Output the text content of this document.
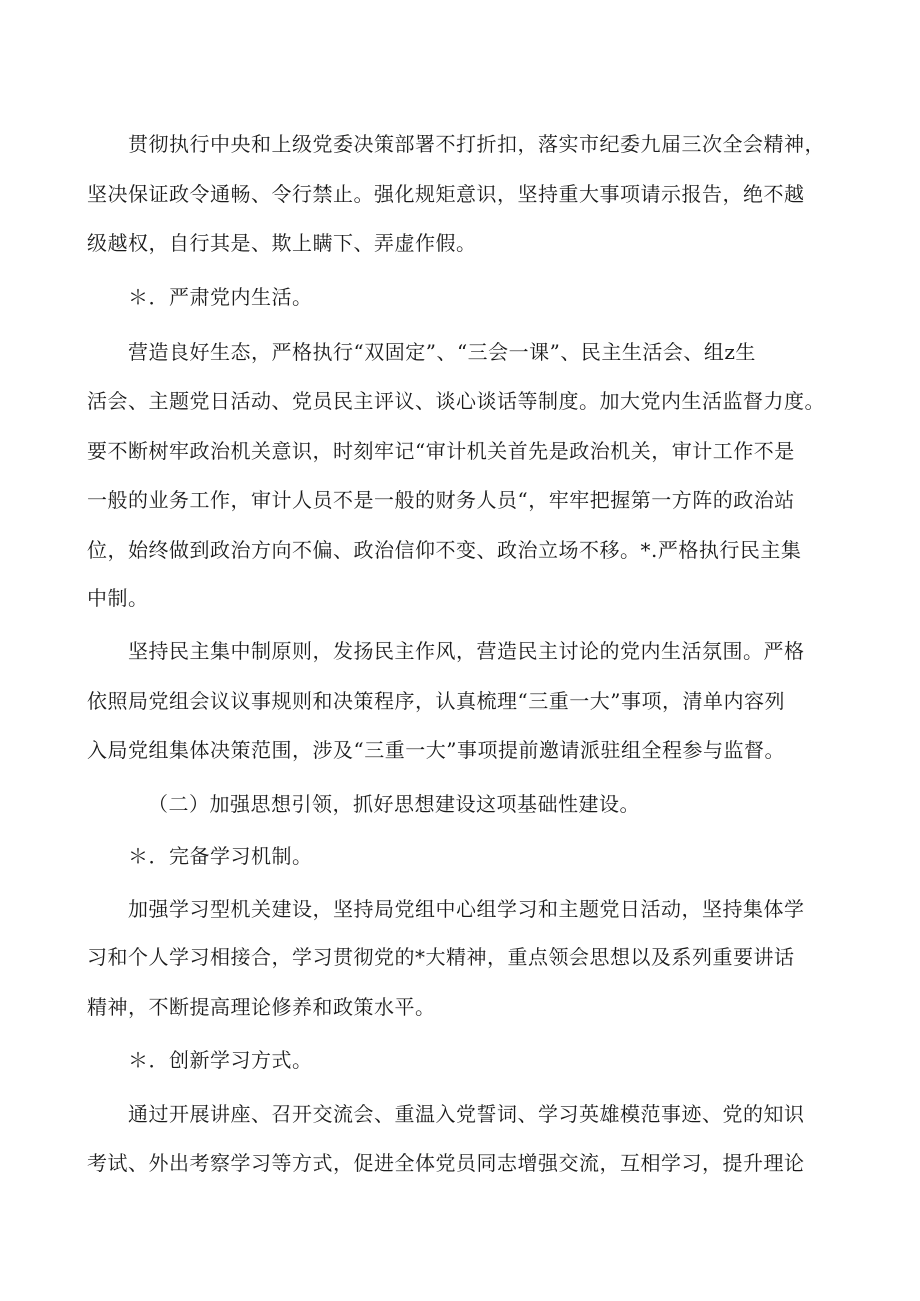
贯彻执行中央和上级党委决策部署不打折扣，落实市纪委九届三次全会精神，
坚决保证政令通畅、令行禁止。强化规矩意识，坚持重大事项请示报告，绝不越
级越权，自行其是、欺上瞒下、弄虚作假。
＊．严肃党内生活。
营造良好生态，严格执行“双固定”、“三会一课”、民主生活会、组z生
活会、主题党日活动、党员民主评议、谈心谈话等制度。加大党内生活监督力度。
要不断树牢政治机关意识，时刻牢记“审计机关首先是政治机关，审计工作不是
一般的业务工作，审计人员不是一般的财务人员“，牢牢把握第一方阵的政治站
位，始终做到政治方向不偏、政治信仰不变、政治立场不移。*.严格执行民主集
中制。
坚持民主集中制原则，发扬民主作风，营造民主讨论的党内生活氛围。严格
依照局党组会议议事规则和决策程序，认真梳理“三重一大”事项，清单内容列
入局党组集体决策范围，涉及“三重一大”事项提前邀请派驻组全程参与监督。
（二）加强思想引领，抓好思想建设这项基础性建设。
＊．完备学习机制。
加强学习型机关建设，坚持局党组中心组学习和主题党日活动，坚持集体学
习和个人学习相接合，学习贯彻党的*大精神，重点领会思想以及系列重要讲话
精神，不断提高理论修养和政策水平。
＊．创新学习方式。
通过开展讲座、召开交流会、重温入党誓词、学习英雄模范事迹、党的知识
考试、外出考察学习等方式，促进全体党员同志增强交流，互相学习，提升理论
